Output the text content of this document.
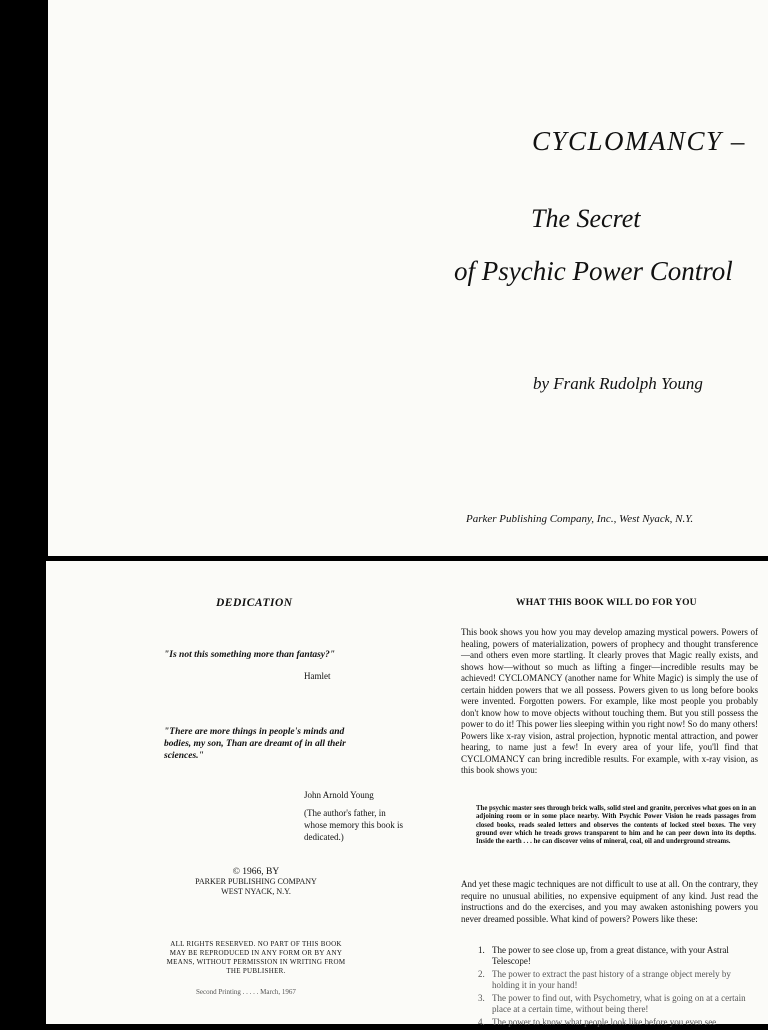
CYCLOMANCY –
The Secret
of Psychic Power Control
by Frank Rudolph Young
Parker Publishing Company, Inc., West Nyack, N.Y.
DEDICATION
"Is not this something more than fantasy?"
Hamlet
"There are more things in people's minds and bodies, my son, Than are dreamt of in all their sciences."
John Arnold Young
(The author's father, in whose memory this book is dedicated.)
© 1966, BY
PARKER PUBLISHING COMPANY
WEST NYACK, N.Y.
ALL RIGHTS RESERVED. NO PART OF THIS BOOK MAY BE REPRODUCED IN ANY FORM OR BY ANY MEANS, WITHOUT PERMISSION IN WRITING FROM THE PUBLISHER.
Second Printing . . . . . March, 1967
WHAT THIS BOOK WILL DO FOR YOU
This book shows you how you may develop amazing mystical powers. Powers of healing, powers of materialization, powers of prophecy and thought transference—and others even more startling. It clearly proves that Magic really exists, and shows how—without so much as lifting a finger—incredible results may be achieved! CYCLOMANCY (another name for White Magic) is simply the use of certain hidden powers that we all possess. Powers given to us long before books were invented. Forgotten powers. For example, like most people you probably don't know how to move objects without touching them. But you still possess the power to do it! This power lies sleeping within you right now! So do many others! Powers like x-ray vision, astral projection, hypnotic mental attraction, and power hearing, to name just a few! In every area of your life, you'll find that CYCLOMANCY can bring incredible results. For example, with x-ray vision, as this book shows you:
The psychic master sees through brick walls, solid steel and granite, perceives what goes on in an adjoining room or in some place nearby. With Psychic Power Vision he reads passages from closed books, reads sealed letters and observes the contents of locked steel boxes. The very ground over which he treads grows transparent to him and he can peer down into its depths. Inside the earth . . . he can discover veins of mineral, coal, oil and underground streams.
And yet these magic techniques are not difficult to use at all. On the contrary, they require no unusual abilities, no expensive equipment of any kind. Just read the instructions and do the exercises, and you may awaken astonishing powers you never dreamed possible. What kind of powers? Powers like these:
1. The power to see close up, from a great distance, with your Astral Telescope!
2. The power to extract the past history of a strange object merely by holding it in your hand!
3. The power to find out, with Psychometry, what is going on at a certain place at a certain time, without being there!
4. The power to know what people look like before you even see
